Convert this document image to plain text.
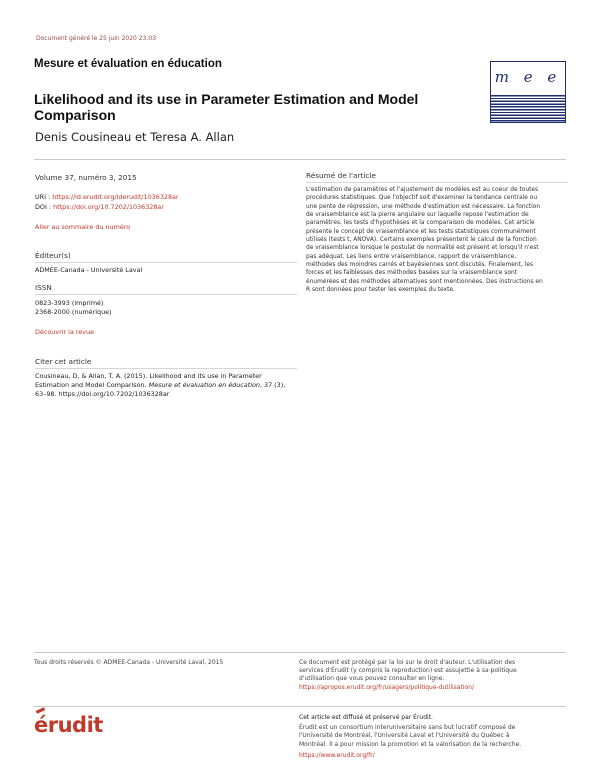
Document généré le 25 juin 2020 23:03
Mesure et évaluation en éducation
m e e
Likelihood and its use in Parameter Estimation and Model Comparison
Denis Cousineau et Teresa A. Allan
Volume 37, numéro 3, 2015
URI : https://id.erudit.org/iderudit/1036328ar
DOI : https://doi.org/10.7202/1036328ar
Aller au sommaire du numéro
Éditeur(s)
ADMEE-Canada - Université Laval
ISSN
0823-3993 (imprimé)
2368-2000 (numérique)
Découvrir la revue
Citer cet article
Cousineau, D. & Allan, T. A. (2015). Likelihood and its use in Parameter
Estimation and Model Comparison. Mesure et évaluation en éducation, 37 (3),
63–98. https://doi.org/10.7202/1036328ar
Résumé de l'article
L'estimation de paramètres et l'ajustement de modèles est au coeur de toutes
procédures statistiques. Que l'objectif soit d'examiner la tendance centrale ou
une pente de régression, une méthode d'estimation est nécessaire. La fonction
de vraisemblance est la pierre angulaire sur laquelle repose l'estimation de
paramètres, les tests d'hypothèses et la comparaison de modèles. Cet article
présente le concept de vraisemblance et les tests statistiques communément
utilisés (tests t, ANOVA). Certains exemples présentent le calcul de la fonction
de vraisemblance lorsque le postulat de normalité est présent et lorsqu'il n'est
pas adéquat. Les liens entre vraisemblance, rapport de vraisemblance,
méthodes des moindres carrés et bayésiennes sont discutés. Finalement, les
forces et les faiblesses des méthodes basées sur la vraisemblance sont
énumérées et des méthodes alternatives sont mentionnées. Des instructions en
R sont données pour tester les exemples du texte.
Tous droits réservés © ADMEE-Canada - Université Laval, 2015	Ce document est protégé par la loi sur le droit d'auteur. L'utilisation des
services d'Érudit (y compris la reproduction) est assujettie à sa politique
d'utilisation que vous pouvez consulter en ligne.
https://apropos.erudit.org/fr/usagers/politique-dutilisation/
érudit	Cet article est diffusé et préservé par Érudit.
Érudit est un consortium interuniversitaire sans but lucratif composé de
l'Université de Montréal, l'Université Laval et l'Université du Québec à
Montréal. Il a pour mission la promotion et la valorisation de la recherche.
https://www.erudit.org/fr/
